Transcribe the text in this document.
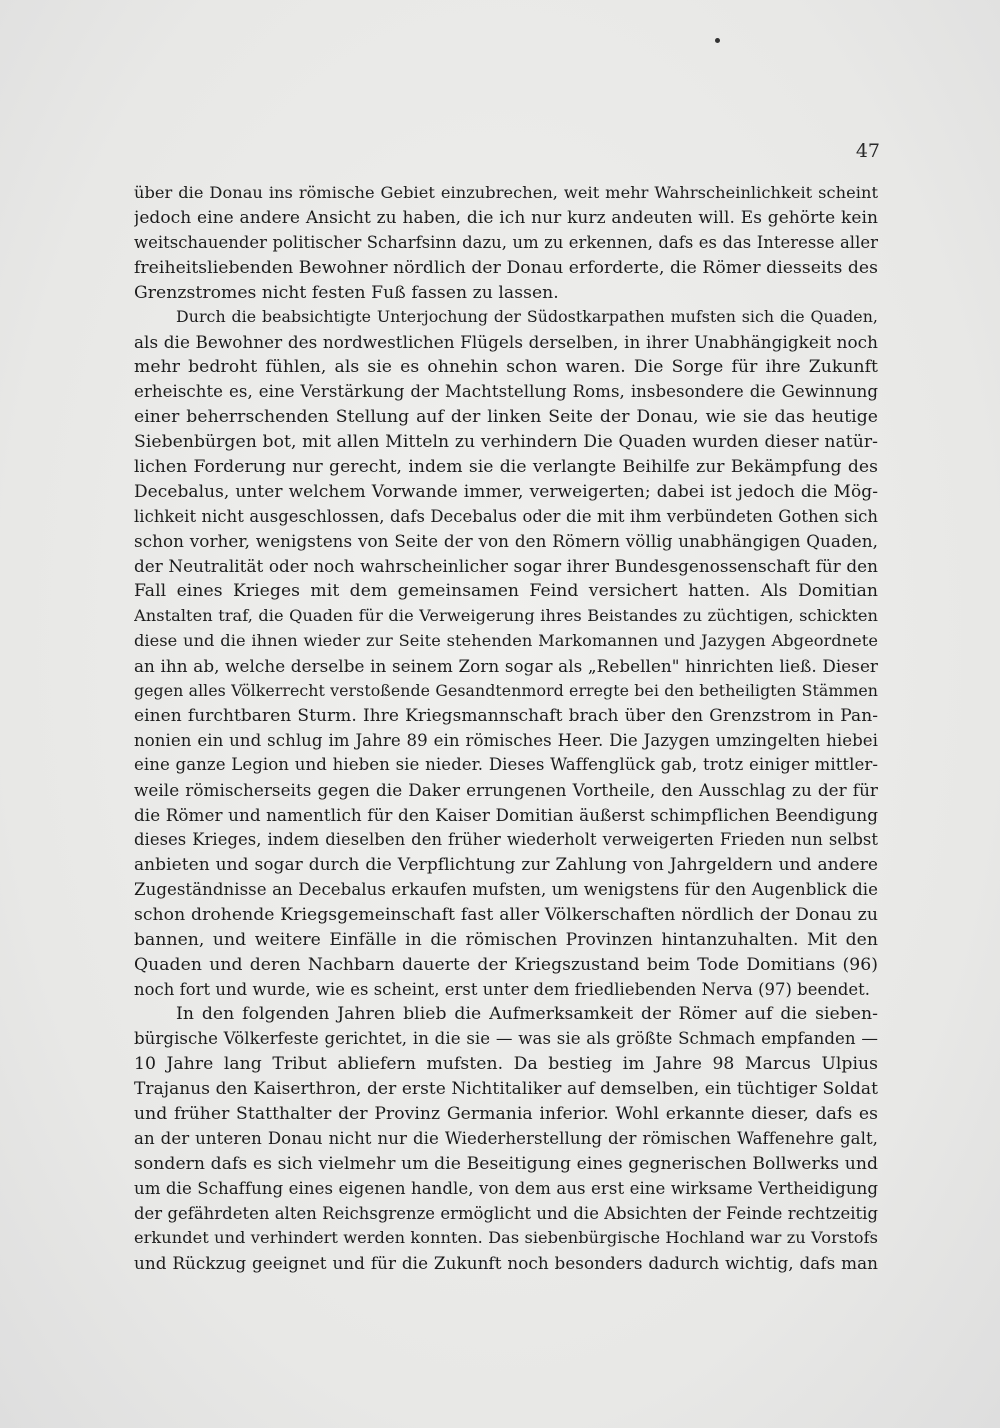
47
über die Donau ins römische Gebiet einzubrechen, weit mehr Wahrscheinlichkeit scheint
jedoch eine andere Ansicht zu haben, die ich nur kurz andeuten will. Es gehörte kein
weitschauender politischer Scharfsinn dazu, um zu erkennen, dafs es das Interesse aller
freiheitsliebenden Bewohner nördlich der Donau erforderte, die Römer diesseits des
Grenzstromes nicht festen Fuß fassen zu lassen.
Durch die beabsichtigte Unterjochung der Südostkarpathen mufsten sich die Quaden,
als die Bewohner des nordwestlichen Flügels derselben, in ihrer Unabhängigkeit noch
mehr bedroht fühlen, als sie es ohnehin schon waren. Die Sorge für ihre Zukunft
erheischte es, eine Verstärkung der Machtstellung Roms, insbesondere die Gewinnung
einer beherrschenden Stellung auf der linken Seite der Donau, wie sie das heutige
Siebenbürgen bot, mit allen Mitteln zu verhindern Die Quaden wurden dieser natür-
lichen Forderung nur gerecht, indem sie die verlangte Beihilfe zur Bekämpfung des
Decebalus, unter welchem Vorwande immer, verweigerten; dabei ist jedoch die Mög-
lichkeit nicht ausgeschlossen, dafs Decebalus oder die mit ihm verbündeten Gothen sich
schon vorher, wenigstens von Seite der von den Römern völlig unabhängigen Quaden,
der Neutralität oder noch wahrscheinlicher sogar ihrer Bundesgenossenschaft für den
Fall eines Krieges mit dem gemeinsamen Feind versichert hatten. Als Domitian
Anstalten traf, die Quaden für die Verweigerung ihres Beistandes zu züchtigen, schickten
diese und die ihnen wieder zur Seite stehenden Markomannen und Jazygen Abgeordnete
an ihn ab, welche derselbe in seinem Zorn sogar als „Rebellen" hinrichten ließ. Dieser
gegen alles Völkerrecht verstoßende Gesandtenmord erregte bei den betheiligten Stämmen
einen furchtbaren Sturm. Ihre Kriegsmannschaft brach über den Grenzstrom in Pan-
nonien ein und schlug im Jahre 89 ein römisches Heer. Die Jazygen umzingelten hiebei
eine ganze Legion und hieben sie nieder. Dieses Waffenglück gab, trotz einiger mittler-
weile römischerseits gegen die Daker errungenen Vortheile, den Ausschlag zu der für
die Römer und namentlich für den Kaiser Domitian äußerst schimpflichen Beendigung
dieses Krieges, indem dieselben den früher wiederholt verweigerten Frieden nun selbst
anbieten und sogar durch die Verpflichtung zur Zahlung von Jahrgeldern und andere
Zugeständnisse an Decebalus erkaufen mufsten, um wenigstens für den Augenblick die
schon drohende Kriegsgemeinschaft fast aller Völkerschaften nördlich der Donau zu
bannen, und weitere Einfälle in die römischen Provinzen hintanzuhalten. Mit den
Quaden und deren Nachbarn dauerte der Kriegszustand beim Tode Domitians (96)
noch fort und wurde, wie es scheint, erst unter dem friedliebenden Nerva (97) beendet.
In den folgenden Jahren blieb die Aufmerksamkeit der Römer auf die sieben-
bürgische Völkerfeste gerichtet, in die sie — was sie als größte Schmach empfanden —
10 Jahre lang Tribut abliefern mufsten. Da bestieg im Jahre 98 Marcus Ulpius
Trajanus den Kaiserthron, der erste Nichtitaliker auf demselben, ein tüchtiger Soldat
und früher Statthalter der Provinz Germania inferior. Wohl erkannte dieser, dafs es
an der unteren Donau nicht nur die Wiederherstellung der römischen Waffenehre galt,
sondern dafs es sich vielmehr um die Beseitigung eines gegnerischen Bollwerks und
um die Schaffung eines eigenen handle, von dem aus erst eine wirksame Vertheidigung
der gefährdeten alten Reichsgrenze ermöglicht und die Absichten der Feinde rechtzeitig
erkundet und verhindert werden konnten. Das siebenbürgische Hochland war zu Vorstofs
und Rückzug geeignet und für die Zukunft noch besonders dadurch wichtig, dafs man
